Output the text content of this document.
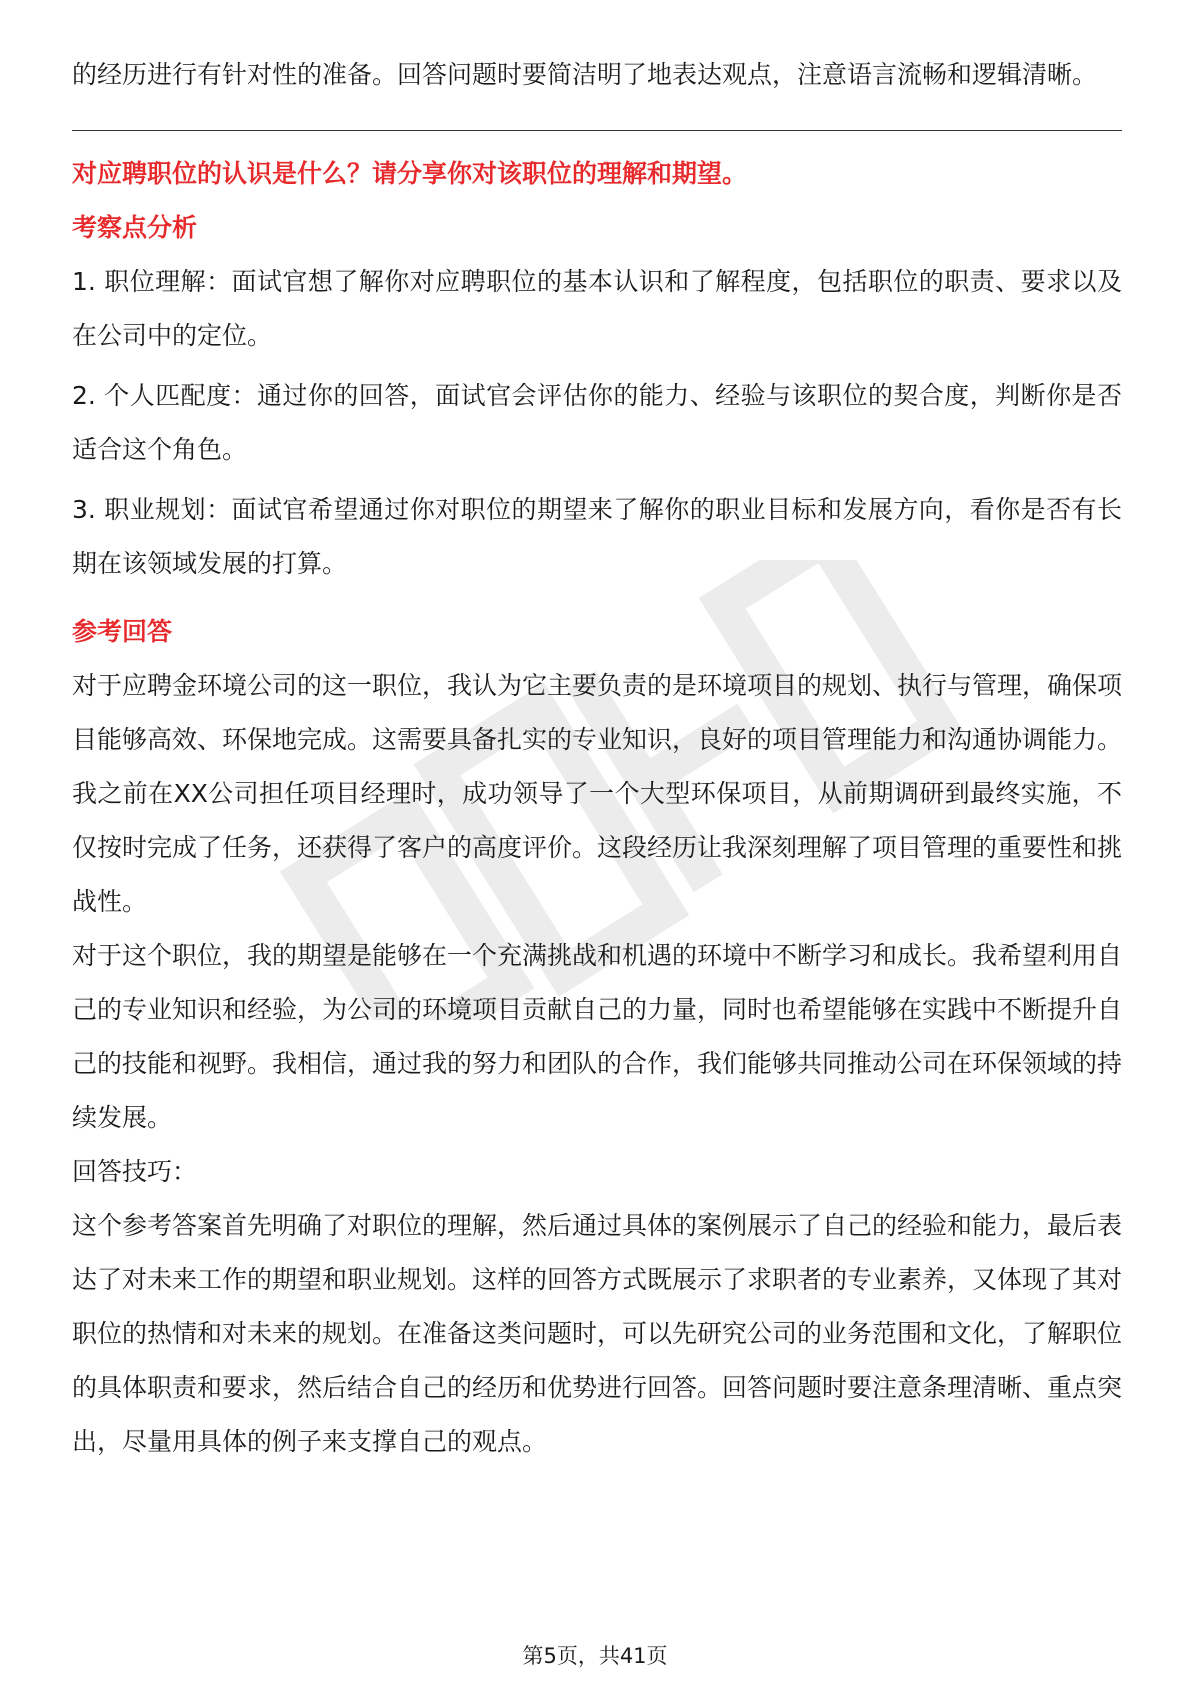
的经历进行有针对性的准备。回答问题时要简洁明了地表达观点，注意语言流畅和逻辑清晰。

对应聘职位的认识是什么？请分享你对该职位的理解和期望。

考察点分析

1. 职位理解：面试官想了解你对应聘职位的基本认识和了解程度，包括职位的职责、要求以及在公司中的定位。

2. 个人匹配度：通过你的回答，面试官会评估你的能力、经验与该职位的契合度，判断你是否适合这个角色。

3. 职业规划：面试官希望通过你对职位的期望来了解你的职业目标和发展方向，看你是否有长期在该领域发展的打算。

参考回答

对于应聘金环境公司的这一职位，我认为它主要负责的是环境项目的规划、执行与管理，确保项目能够高效、环保地完成。这需要具备扎实的专业知识，良好的项目管理能力和沟通协调能力。我之前在XX公司担任项目经理时，成功领导了一个大型环保项目，从前期调研到最终实施，不仅按时完成了任务，还获得了客户的高度评价。这段经历让我深刻理解了项目管理的重要性和挑战性。

对于这个职位，我的期望是能够在一个充满挑战和机遇的环境中不断学习和成长。我希望利用自己的专业知识和经验，为公司的环境项目贡献自己的力量，同时也希望能够在实践中不断提升自己的技能和视野。我相信，通过我的努力和团队的合作，我们能够共同推动公司在环保领域的持续发展。

回答技巧：

这个参考答案首先明确了对职位的理解，然后通过具体的案例展示了自己的经验和能力，最后表达了对未来工作的期望和职业规划。这样的回答方式既展示了求职者的专业素养，又体现了其对职位的热情和对未来的规划。在准备这类问题时，可以先研究公司的业务范围和文化，了解职位的具体职责和要求，然后结合自己的经历和优势进行回答。回答问题时要注意条理清晰、重点突出，尽量用具体的例子来支撑自己的观点。

第5页，共41页
